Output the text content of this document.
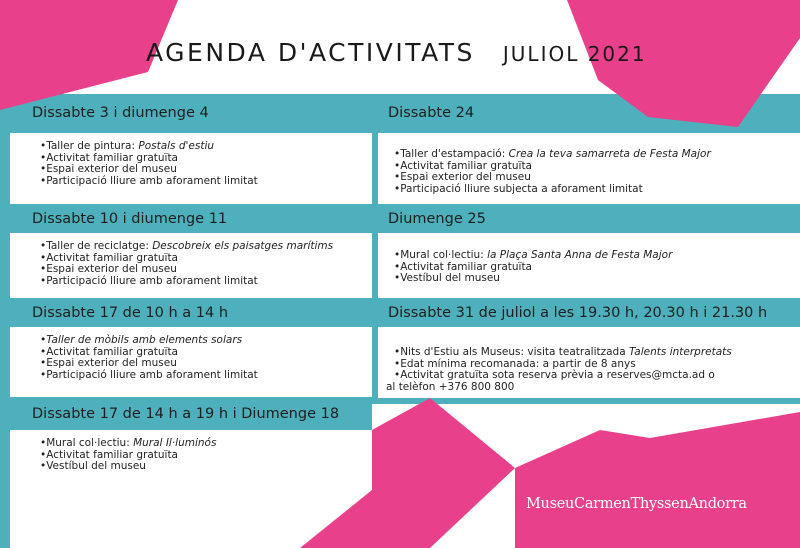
AGENDA D'ACTIVITATS JULIOL 2021
Dissabte 3 i diumenge 4
•Taller de pintura: Postals d'estiu
•Activitat familiar gratuïta
•Espai exterior del museu
•Participació lliure amb aforament limitat
Dissabte 10 i diumenge 11
•Taller de reciclatge: Descobreix els paisatges marítims
•Activitat familiar gratuïta
•Espai exterior del museu
•Participació lliure amb aforament limitat
Dissabte 17 de 10 h a 14 h
•Taller de mòbils amb elements solars
•Activitat familiar gratuïta
•Espai exterior del museu
•Participació lliure amb aforament limitat
Dissabte 17 de 14 h a 19 h i Diumenge 18
•Mural col·lectiu: Mural Il·luminós
•Activitat familiar gratuïta
•Vestíbul del museu
Dissabte 24
•Taller d'estampació: Crea la teva samarreta de Festa Major
•Activitat familiar gratuïta
•Espai exterior del museu
•Participació lliure subjecta a aforament limitat
Diumenge 25
•Mural col·lectiu: la Plaça Santa Anna de Festa Major
•Activitat familiar gratuïta
•Vestíbul del museu
Dissabte 31 de juliol a les 19.30 h, 20.30 h i 21.30 h
•Nits d'Estiu als Museus: visita teatralitzada Talents interpretats
•Edat mínima recomanada: a partir de 8 anys
•Activitat gratuïta sota reserva prèvia a reserves@mcta.ad o
al telèfon +376 800 800
MuseuCarmenThyssenAndorra
